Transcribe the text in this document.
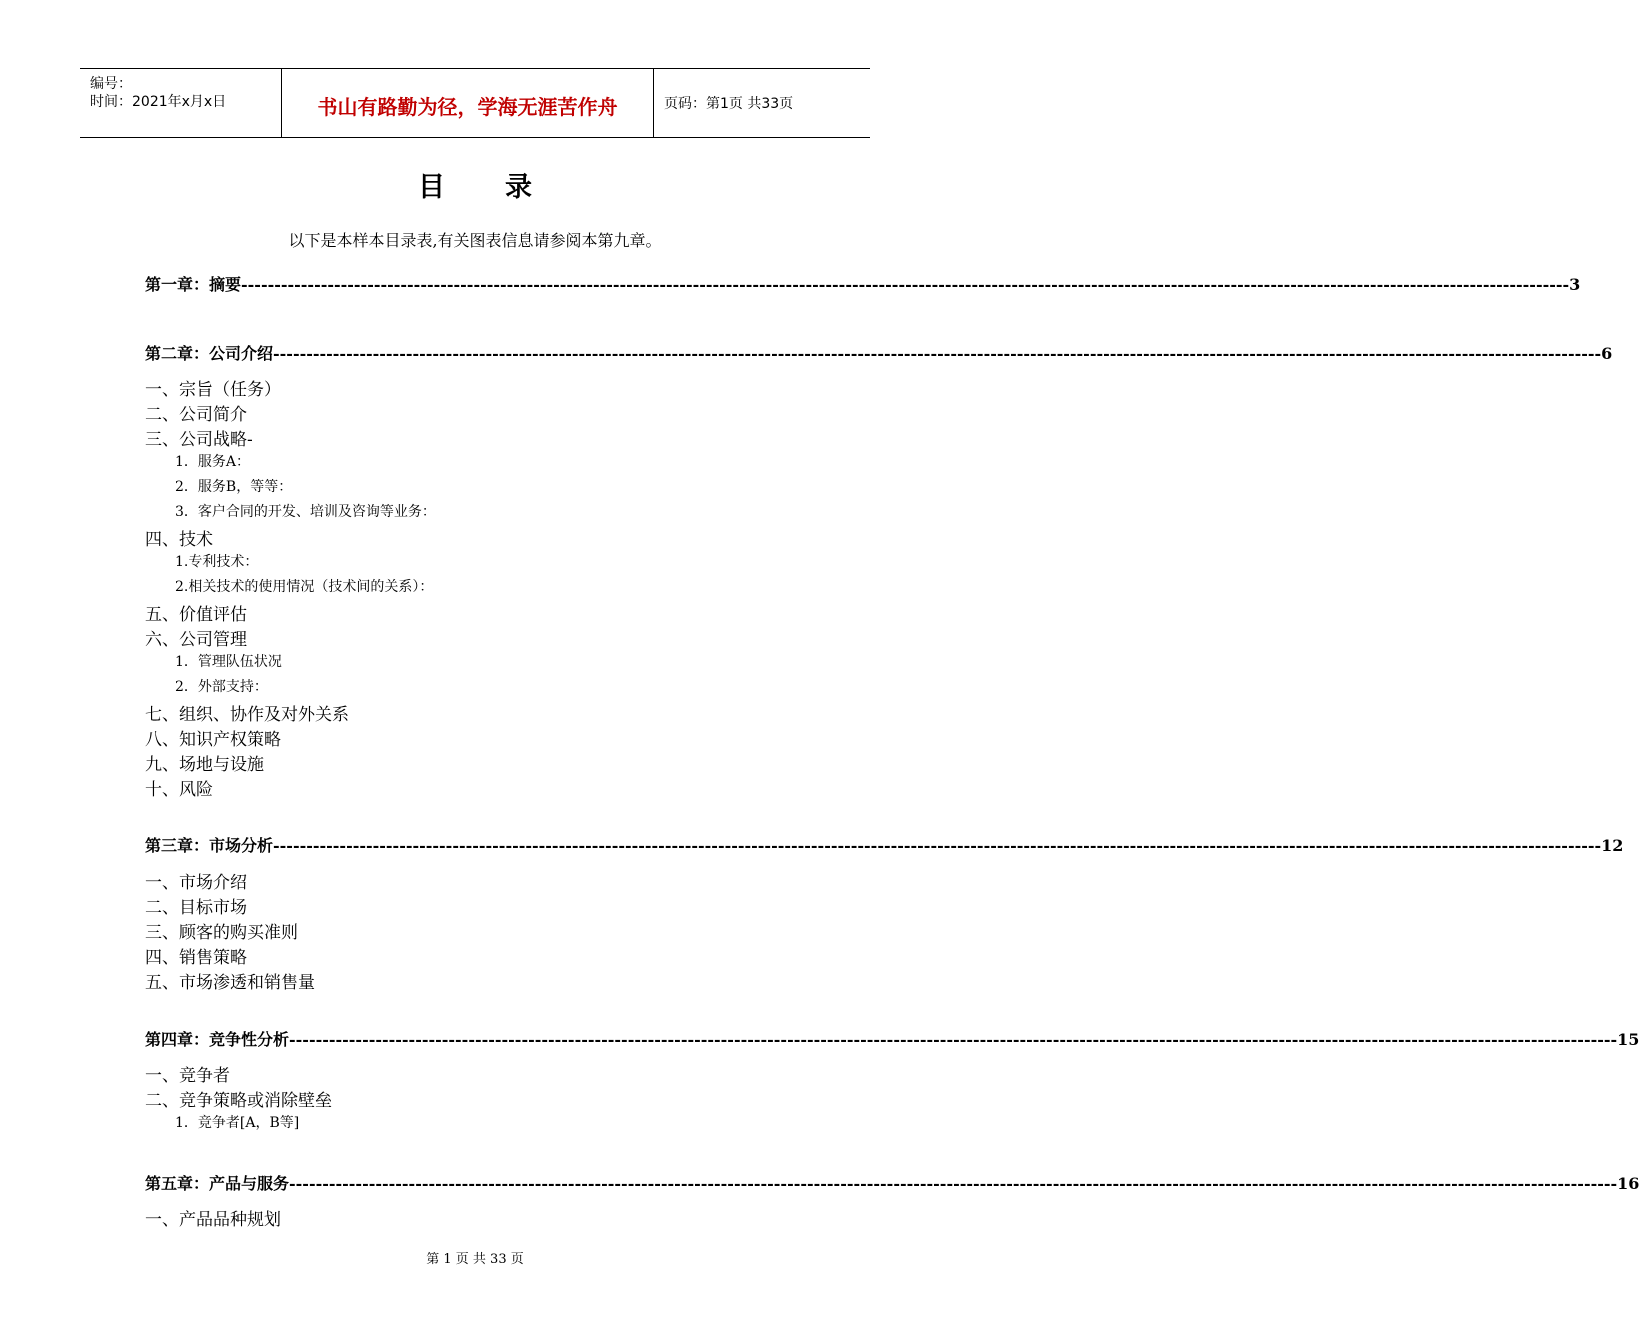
编号：
时间：2021年x月x日	书山有路勤为径，学海无涯苦作舟	页码：第1页 共33页
目录
以下是本样本目录表,有关图表信息请参阅本第九章。
第一章：摘要 -------------------------------------------------------------------------------------------------------------------------------------------------------------------------------------------------------- 3
第二章：公司介绍 -------------------------------------------------------------------------------------------------------------------------------------------------------------------------------------------------------- 6
一、宗旨（任务）
二、公司简介
三、公司战略-
1．服务A：
2．服务B，等等：
3．客户合同的开发、培训及咨询等业务：
四、技术
1.专利技术：
2.相关技术的使用情况（技术间的关系）：
五、价值评估
六、公司管理
1．管理队伍状况
2．外部支持：
七、组织、协作及对外关系
八、知识产权策略
九、场地与设施
十、风险
第三章：市场分析 -------------------------------------------------------------------------------------------------------------------------------------------------------------------------------------------------------- 12
一、市场介绍
二、目标市场
三、顾客的购买准则
四、销售策略
五、市场渗透和销售量
第四章：竞争性分析 -------------------------------------------------------------------------------------------------------------------------------------------------------------------------------------------------------- 15
一、竞争者
二、竞争策略或消除壁垒
1．竞争者[A，B等]
第五章：产品与服务 -------------------------------------------------------------------------------------------------------------------------------------------------------------------------------------------------------- 16
一、产品品种规划
第 1 页 共 33 页
